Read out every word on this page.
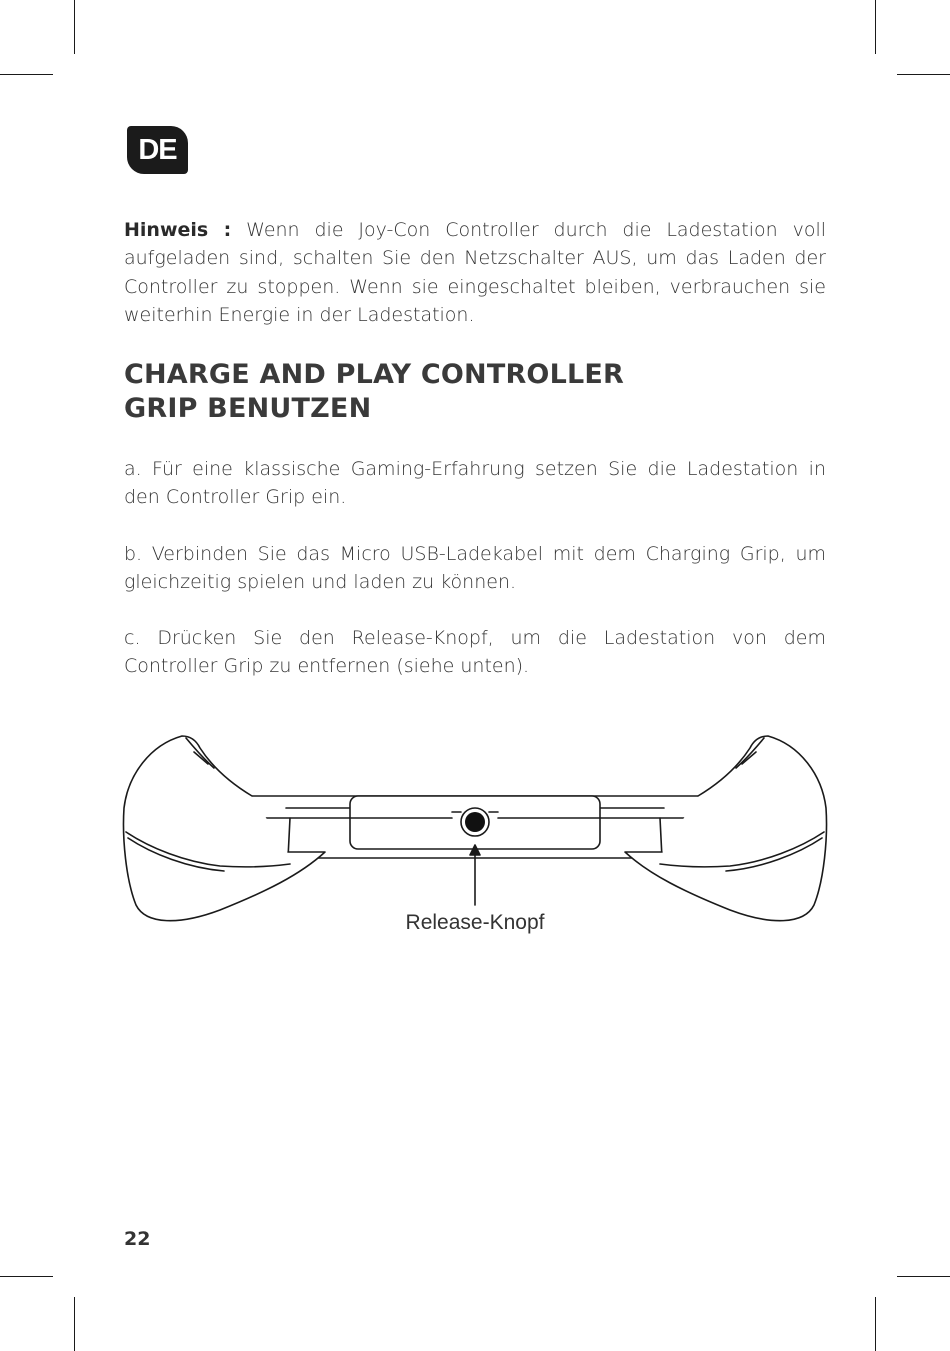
DE

Hinweis : Wenn die Joy-Con Controller durch die Ladestation voll aufgeladen sind, schalten Sie den Netzschalter AUS, um das Laden der Controller zu stoppen. Wenn sie eingeschaltet bleiben, verbrauchen sie weiterhin Energie in der Ladestation.

CHARGE AND PLAY CONTROLLER
GRIP BENUTZEN

a. Für eine klassische Gaming-Erfahrung setzen Sie die Ladestation in den Controller Grip ein.

b. Verbinden Sie das Micro USB-Ladekabel mit dem Charging Grip, um gleichzeitig spielen und laden zu können.

c. Drücken Sie den Release-Knopf, um die Ladestation von dem Controller Grip zu entfernen (siehe unten).

Release-Knopf
22
